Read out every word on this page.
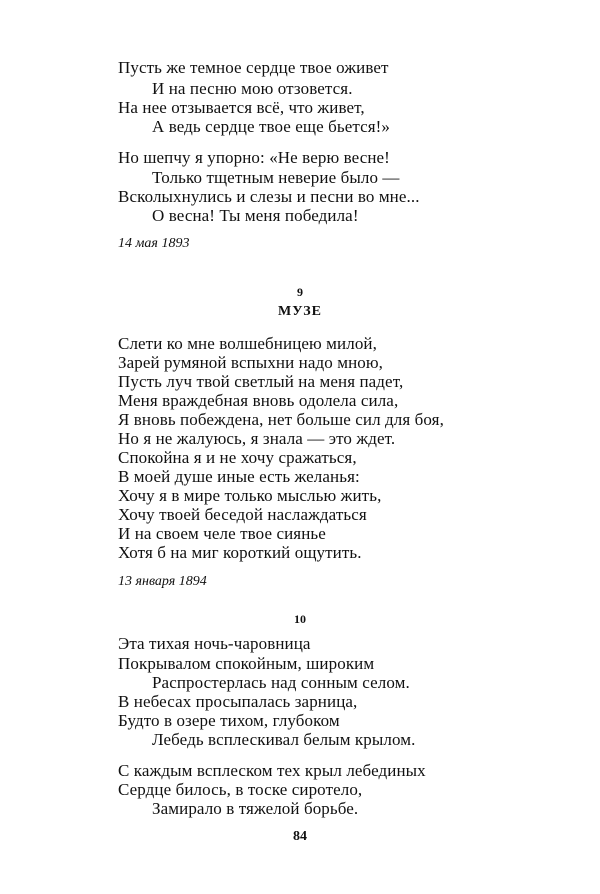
Пусть же темное сердце твое оживет
И на песню мою отзовется.
На нее отзывается всё, что живет,
А ведь сердце твое еще бьется!»
Но шепчу я упорно: «Не верю весне!
Только тщетным неверие было —
Всколыхнулись и слезы и песни во мне...
О весна! Ты меня победила!
14 мая 1893
9
МУЗЕ
Слети ко мне волшебницею милой,
Зарей румяной вспыхни надо мною,
Пусть луч твой светлый на меня падет,
Меня враждебная вновь одолела сила,
Я вновь побеждена, нет больше сил для боя,
Но я не жалуюсь, я знала — это ждет.
Спокойна я и не хочу сражаться,
В моей душе иные есть желанья:
Хочу я в мире только мыслью жить,
Хочу твоей беседой наслаждаться
И на своем челе твое сиянье
Хотя б на миг короткий ощутить.
13 января 1894
10
Эта тихая ночь-чаровница
Покрывалом спокойным, широким
Распростерлась над сонным селом.
В небесах просыпалась зарница,
Будто в озере тихом, глубоком
Лебедь всплескивал белым крылом.
С каждым всплеском тех крыл лебединых
Сердце билось, в тоске сиротело,
Замирало в тяжелой борьбе.
84
